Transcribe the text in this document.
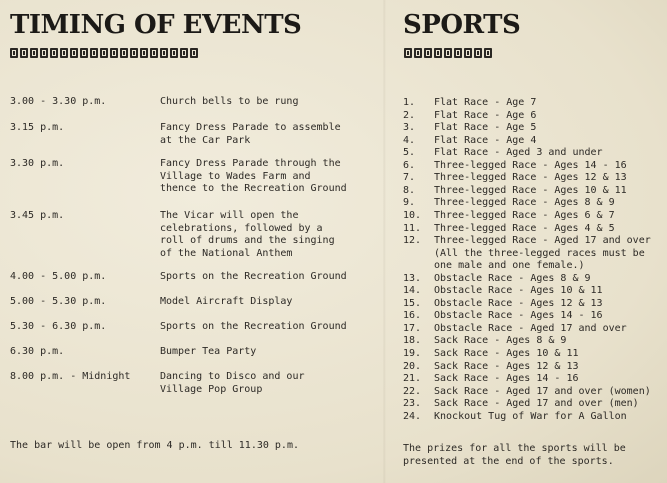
TIMING OF EVENTS	SPORTS
3.00 - 3.30 p.m.	Church bells to be rung
3.15 p.m.	Fancy Dress Parade to assemble
at the Car Park
3.30 p.m.	Fancy Dress Parade through the
Village to Wades Farm and
thence to the Recreation Ground
3.45 p.m.	The Vicar will open the
celebrations, followed by a
roll of drums and the singing
of the National Anthem
4.00 - 5.00 p.m.	Sports on the Recreation Ground
5.00 - 5.30 p.m.	Model Aircraft Display
5.30 - 6.30 p.m.	Sports on the Recreation Ground
6.30 p.m.	Bumper Tea Party
8.00 p.m. - Midnight	Dancing to Disco and our
Village Pop Group
The bar will be open from 4 p.m. till 11.30 p.m.
1. Flat Race - Age 7
2. Flat Race - Age 6
3. Flat Race - Age 5
4. Flat Race - Age 4
5. Flat Race - Aged 3 and under
6. Three-legged Race - Ages 14 - 16
7. Three-legged Race - Ages 12 & 13
8. Three-legged Race - Ages 10 & 11
9. Three-legged Race - Ages 8 & 9
10. Three-legged Race - Ages 6 & 7
11. Three-legged Race - Ages 4 & 5
12. Three-legged Race - Aged 17 and over
(All the three-legged races must be
one male and one female.)
13. Obstacle Race - Ages 8 & 9
14. Obstacle Race - Ages 10 & 11
15. Obstacle Race - Ages 12 & 13
16. Obstacle Race - Ages 14 - 16
17. Obstacle Race - Aged 17 and over
18. Sack Race - Ages 8 & 9
19. Sack Race - Ages 10 & 11
20. Sack Race - Ages 12 & 13
21. Sack Race - Ages 14 - 16
22. Sack Race - Aged 17 and over (women)
23. Sack Race - Aged 17 and over (men)
24. Knockout Tug of War for A Gallon
The prizes for all the sports will be
presented at the end of the sports.
